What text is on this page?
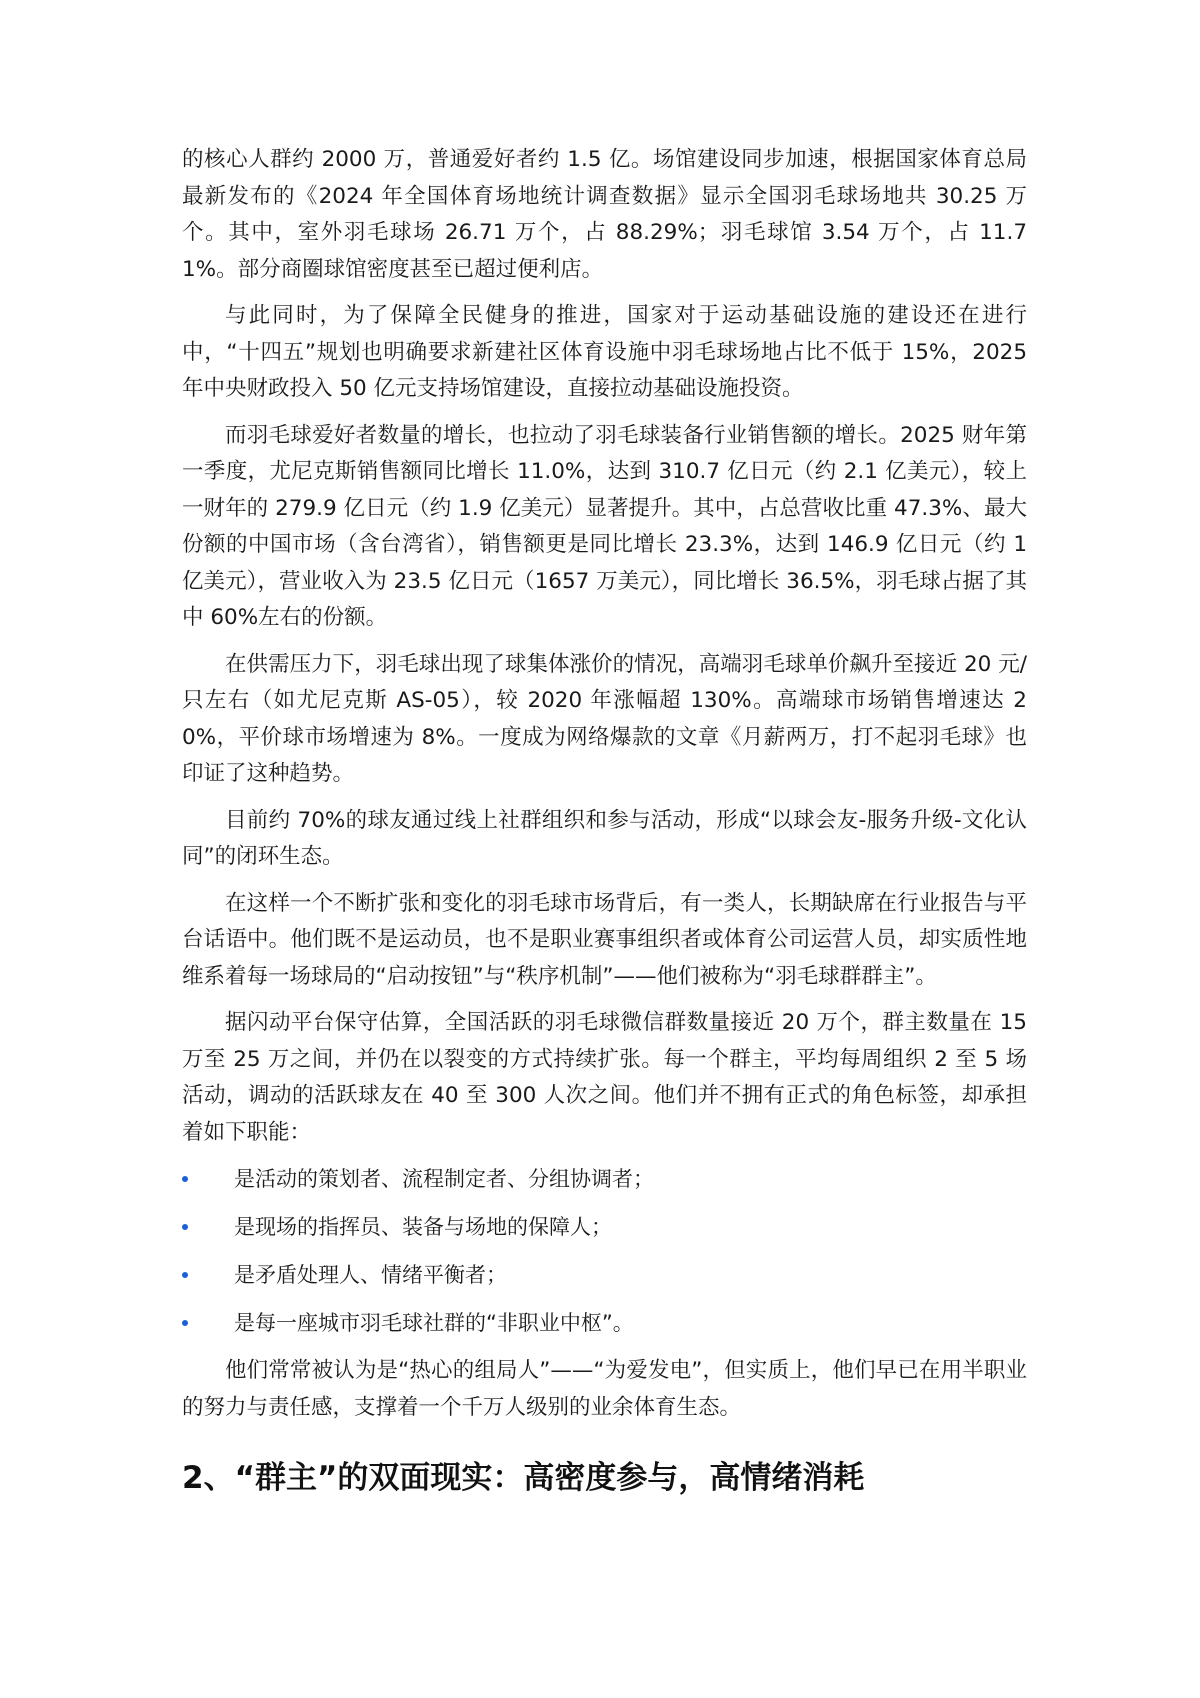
的核心人群约 2000 万，普通爱好者约 1.5 亿。场馆建设同步加速，根据国家体育总局最新发布的《2024 年全国体育场地统计调查数据》显示全国羽毛球场地共 30.25 万个。其中，室外羽毛球场 26.71 万个，占 88.29%；羽毛球馆 3.54 万个，占 11.71%。部分商圈球馆密度甚至已超过便利店。

与此同时，为了保障全民健身的推进，国家对于运动基础设施的建设还在进行中，“十四五”规划也明确要求新建社区体育设施中羽毛球场地占比不低于 15%，2025 年中央财政投入 50 亿元支持场馆建设，直接拉动基础设施投资。

而羽毛球爱好者数量的增长，也拉动了羽毛球装备行业销售额的增长。2025 财年第一季度，尤尼克斯销售额同比增长 11.0%，达到 310.7 亿日元（约 2.1 亿美元），较上一财年的 279.9 亿日元（约 1.9 亿美元）显著提升。其中，占总营收比重 47.3%、最大份额的中国市场（含台湾省），销售额更是同比增长 23.3%，达到 146.9 亿日元（约 1 亿美元），营业收入为 23.5 亿日元（1657 万美元），同比增长 36.5%，羽毛球占据了其中 60%左右的份额。

在供需压力下，羽毛球出现了球集体涨价的情况，高端羽毛球单价飙升至接近 20 元/只左右（如尤尼克斯 AS-05），较 2020 年涨幅超 130%。高端球市场销售增速达 20%，平价球市场增速为 8%。一度成为网络爆款的文章《月薪两万，打不起羽毛球》也印证了这种趋势。

目前约 70%的球友通过线上社群组织和参与活动，形成“以球会友-服务升级-文化认同”的闭环生态。

在这样一个不断扩张和变化的羽毛球市场背后，有一类人，长期缺席在行业报告与平台话语中。他们既不是运动员，也不是职业赛事组织者或体育公司运营人员，却实质性地维系着每一场球局的“启动按钮”与“秩序机制”——他们被称为“羽毛球群群主”。

据闪动平台保守估算，全国活跃的羽毛球微信群数量接近 20 万个，群主数量在 15 万至 25 万之间，并仍在以裂变的方式持续扩张。每一个群主，平均每周组织 2 至 5 场活动，调动的活跃球友在 40 至 300 人次之间。他们并不拥有正式的角色标签，却承担着如下职能：

是活动的策划者、流程制定者、分组协调者；
是现场的指挥员、装备与场地的保障人；
是矛盾处理人、情绪平衡者；
是每一座城市羽毛球社群的“非职业中枢”。

他们常常被认为是“热心的组局人”——“为爱发电”，但实质上，他们早已在用半职业的努力与责任感，支撑着一个千万人级别的业余体育生态。

2、“群主”的双面现实：高密度参与，高情绪消耗
